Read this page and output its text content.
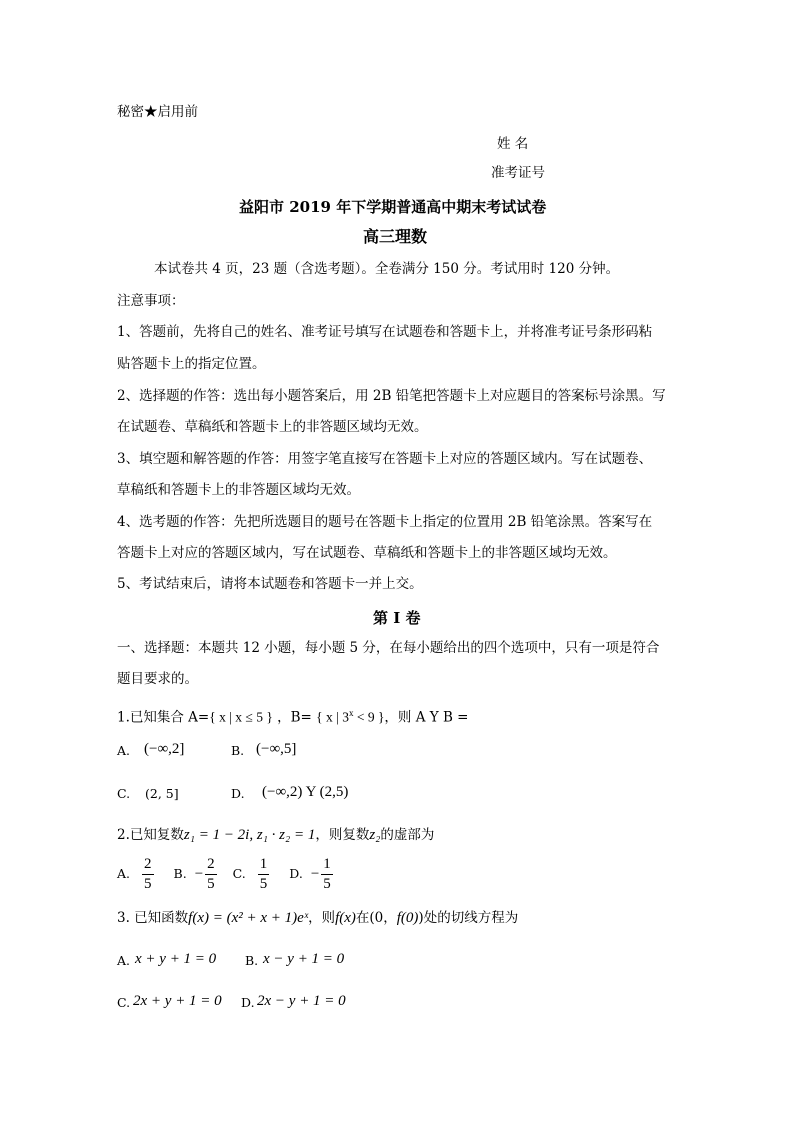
秘密★启用前
姓 名
准考证号
益阳市 2019 年下学期普通高中期末考试试卷
高三理数
本试卷共 4 页，23 题（含选考题）。全卷满分 150 分。考试用时 120 分钟。
注意事项：
1、答题前，先将自己的姓名、准考证号填写在试题卷和答题卡上，并将准考证号条形码粘
贴答题卡上的指定位置。
2、选择题的作答：选出每小题答案后，用 2B 铅笔把答题卡上对应题目的答案标号涂黑。写
在试题卷、草稿纸和答题卡上的非答题区域均无效。
3、填空题和解答题的作答：用签字笔直接写在答题卡上对应的答题区域内。写在试题卷、
草稿纸和答题卡上的非答题区域均无效。
4、选考题的作答：先把所选题目的题号在答题卡上指定的位置用 2B 铅笔涂黑。答案写在
答题卡上对应的答题区域内，写在试题卷、草稿纸和答题卡上的非答题区域均无效。
5、考试结束后，请将本试题卷和答题卡一并上交。
第 I 卷
一、选择题：本题共 12 小题，每小题 5 分，在每小题给出的四个选项中，只有一项是符合
题目要求的。
1.已知集合 A={ x | x ≤ 5 } ，B= { x | $3^x < 9$ }，则 A Y B =
A. (−∞,2]	B. (−∞,5]
C. (2, 5]	D. (−∞,2) Y (2,5)
2.已知复数z₁ = 1 − 2i, z₁ · z₂ = 1，则复数z₂的虚部为
A. $\frac{2}{5} B$. − $\frac{2}{5} C$. $\frac{1}{5} D$. − $\frac{1}{5}$
3. 已知函数f(x) = (x² + x + 1)eˣ，则f(x)在(0，f(0))处的切线方程为
A. x + y + 1 = 0 B. x − y + 1 = 0
C. 2x + y + 1 = 0 D. 2x − y + 1 = 0
